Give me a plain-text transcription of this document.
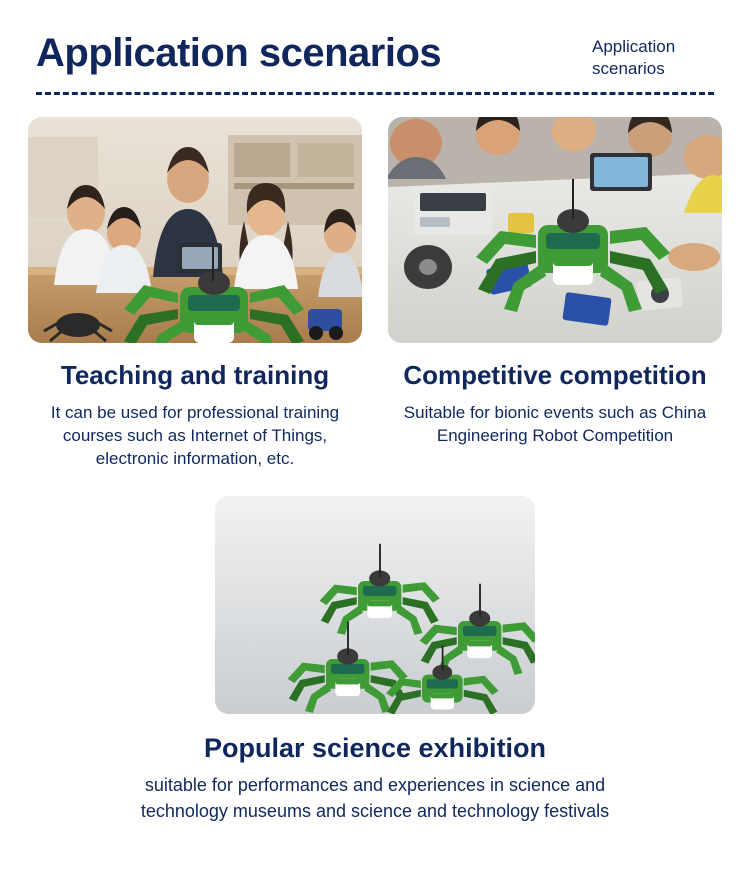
Application scenarios	Application scenarios
Teaching and training
It can be used for professional training courses such as Internet of Things, electronic information, etc.
Competitive competition
Suitable for bionic events such as China Engineering Robot Competition
Popular science exhibition
suitable for performances and experiences in science and technology museums and science and technology festivals
